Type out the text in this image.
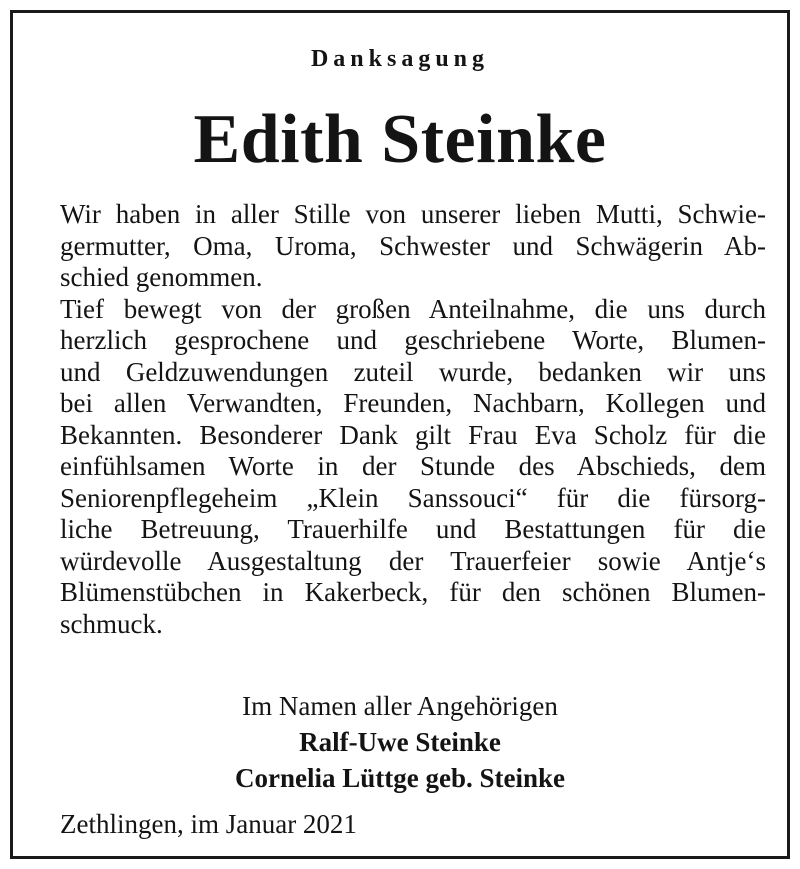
Danksagung
Edith Steinke
Wir haben in aller Stille von unserer lieben Mutti, Schwie-
germutter, Oma, Uroma, Schwester und Schwägerin Ab-
schied genommen.
Tief bewegt von der großen Anteilnahme, die uns durch
herzlich gesprochene und geschriebene Worte, Blumen-
und Geldzuwendungen zuteil wurde, bedanken wir uns
bei allen Verwandten, Freunden, Nachbarn, Kollegen und
Bekannten. Besonderer Dank gilt Frau Eva Scholz für die
einfühlsamen Worte in der Stunde des Abschieds, dem
Seniorenpflegeheim „Klein Sanssouci“ für die fürsorg-
liche Betreuung, Trauerhilfe und Bestattungen für die
würdevolle Ausgestaltung der Trauerfeier sowie Antje‘s
Blümenstübchen in Kakerbeck, für den schönen Blumen-
schmuck.
Im Namen aller Angehörigen
Ralf-Uwe Steinke
Cornelia Lüttge geb. Steinke

Zethlingen, im Januar 2021
